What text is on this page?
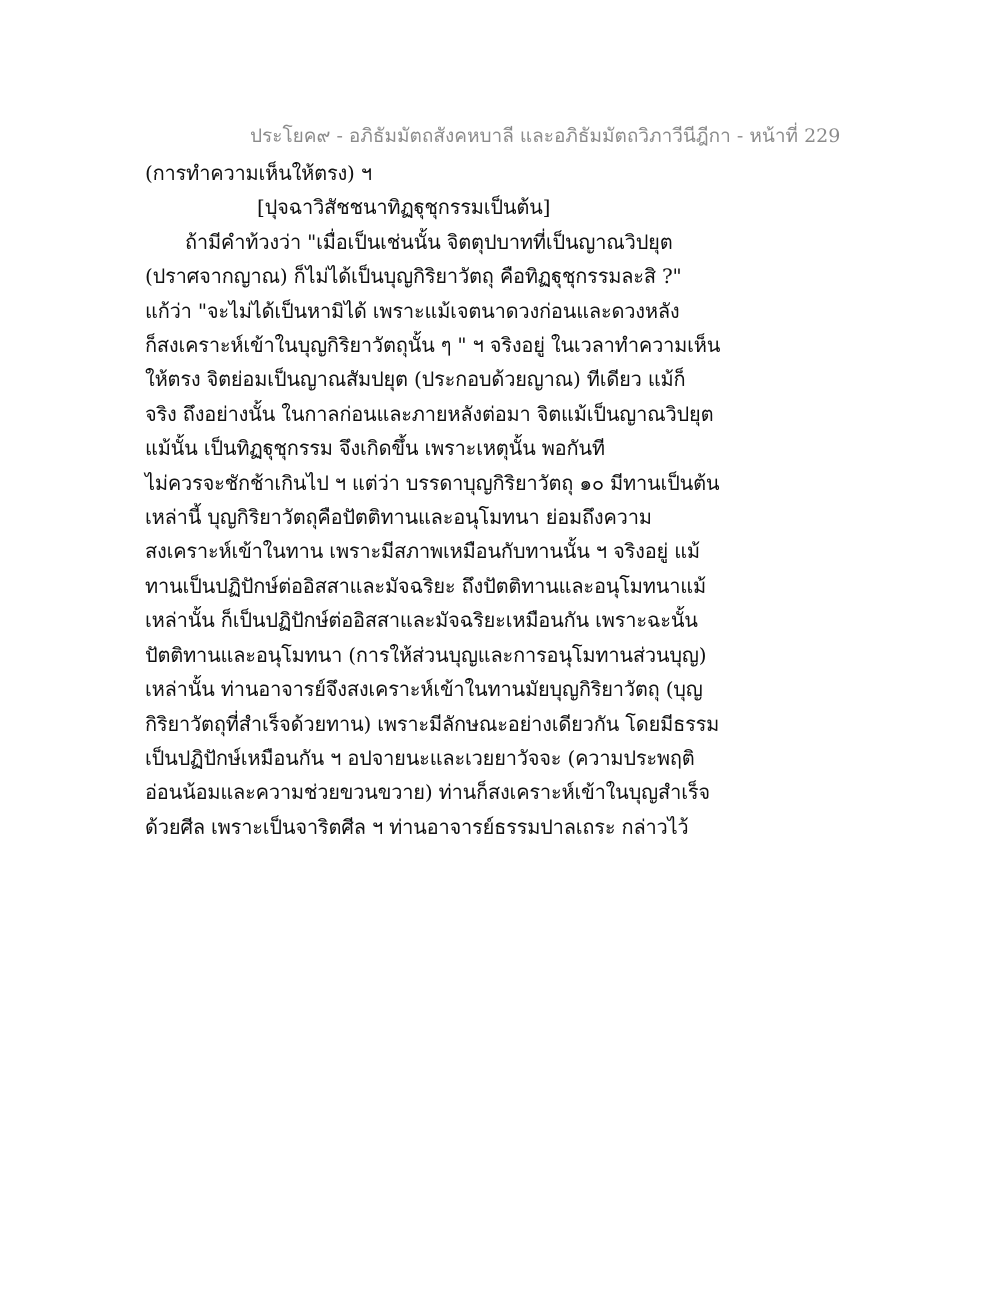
ประโยค๙ - อภิธัมมัตถสังคหบาลี และอภิธัมมัตถวิภาวีนีฎีกา - หน้าที่ 229
(การทำความเห็นให้ตรง) ฯ
[ปุจฉาวิสัชชนาทิฏฐุชุกรรมเป็นต้น]
ถ้ามีคำท้วงว่า "เมื่อเป็นเช่นนั้น จิตตุปบาทที่เป็นญาณวิปยุต
(ปราศจากญาณ) ก็ไม่ได้เป็นบุญกิริยาวัตถุ คือทิฏฐุชุกรรมละสิ ?"
แก้ว่า "จะไม่ได้เป็นหามิได้ เพราะแม้เจตนาดวงก่อนและดวงหลัง
ก็สงเคราะห์เข้าในบุญกิริยาวัตถุนั้น ๆ " ฯ จริงอยู่ ในเวลาทำความเห็น
ให้ตรง จิตย่อมเป็นญาณสัมปยุต (ประกอบด้วยญาณ) ทีเดียว แม้ก็
จริง ถึงอย่างนั้น ในกาลก่อนและภายหลังต่อมา จิตแม้เป็นญาณวิปยุต
แม้นั้น เป็นทิฏฐุชุกรรม จึงเกิดขึ้น เพราะเหตุนั้น พอกันที
ไม่ควรจะชักช้าเกินไป ฯ แต่ว่า บรรดาบุญกิริยาวัตถุ ๑๐ มีทานเป็นต้น
เหล่านี้ บุญกิริยาวัตถุคือปัตติทานและอนุโมทนา ย่อมถึงความ
สงเคราะห์เข้าในทาน เพราะมีสภาพเหมือนกับทานนั้น ฯ จริงอยู่ แม้
ทานเป็นปฏิปักษ์ต่ออิสสาและมัจฉริยะ ถึงปัตติทานและอนุโมทนาแม้
เหล่านั้น ก็เป็นปฏิปักษ์ต่ออิสสาและมัจฉริยะเหมือนกัน เพราะฉะนั้น
ปัตติทานและอนุโมทนา (การให้ส่วนบุญและการอนุโมทานส่วนบุญ)
เหล่านั้น ท่านอาจารย์จึงสงเคราะห์เข้าในทานมัยบุญกิริยาวัตถุ (บุญ
กิริยาวัตถุที่สำเร็จด้วยทาน) เพราะมีลักษณะอย่างเดียวกัน โดยมีธรรม
เป็นปฏิปักษ์เหมือนกัน ฯ อปจายนะและเวยยาวัจจะ (ความประพฤติ
อ่อนน้อมและความช่วยขวนขวาย) ท่านก็สงเคราะห์เข้าในบุญสำเร็จ
ด้วยศีล เพราะเป็นจาริตศีล ฯ ท่านอาจารย์ธรรมปาลเถระ กล่าวไว้
